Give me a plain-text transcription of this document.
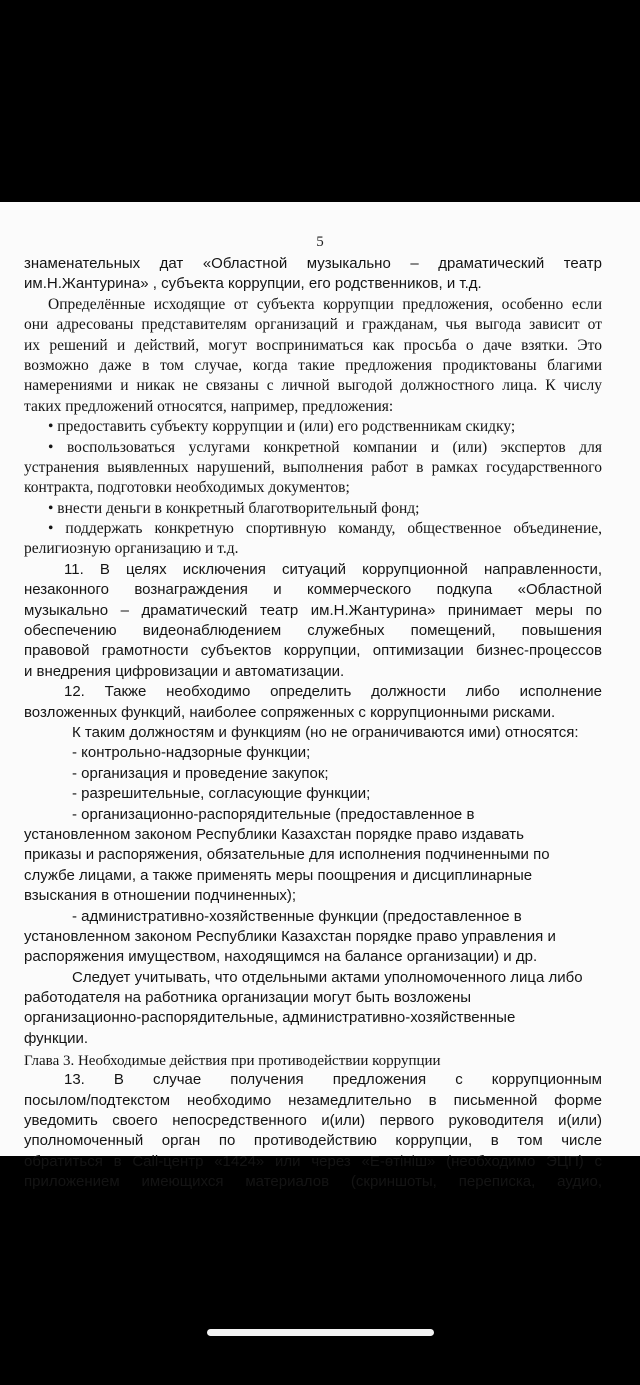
5
знаменательных дат «Областной музыкально – драматический театр
им.Н.Жантурина» , субъекта коррупции, его родственников, и т.д.
Определённые исходящие от субъекта коррупции предложения, особенно если
они адресованы представителям организаций и гражданам, чья выгода зависит от
их решений и действий, могут восприниматься как просьба о даче взятки. Это
возможно даже в том случае, когда такие предложения продиктованы благими
намерениями и никак не связаны с личной выгодой должностного лица. К числу
таких предложений относятся, например, предложения:
• предоставить субъекту коррупции и (или) его родственникам скидку;
• воспользоваться услугами конкретной компании и (или) экспертов для
устранения выявленных нарушений, выполнения работ в рамках государственного
контракта, подготовки необходимых документов;
• внести деньги в конкретный благотворительный фонд;
• поддержать конкретную спортивную команду, общественное объединение,
религиозную организацию и т.д.
11. В целях исключения ситуаций коррупционной направленности,
незаконного вознаграждения и коммерческого подкупа «Областной
музыкально – драматический театр им.Н.Жантурина» принимает меры по
обеспечению видеонаблюдением служебных помещений, повышения
правовой грамотности субъектов коррупции, оптимизации бизнес-процессов
и внедрения цифровизации и автоматизации.
12. Также необходимо определить должности либо исполнение
возложенных функций, наиболее сопряженных с коррупционными рисками.
К таким должностям и функциям (но не ограничиваются ими) относятся:
- контрольно-надзорные функции;
- организация и проведение закупок;
- разрешительные, согласующие функции;
- организационно-распорядительные (предоставленное в
установленном законом Республики Казахстан порядке право издавать
приказы и распоряжения, обязательные для исполнения подчиненными по
службе лицами, а также применять меры поощрения и дисциплинарные
взыскания в отношении подчиненных);
- административно-хозяйственные функции (предоставленное в
установленном законом Республики Казахстан порядке право управления и
распоряжения имуществом, находящимся на балансе организации) и др.
Следует учитывать, что отдельными актами уполномоченного лица либо
работодателя на работника организации могут быть возложены
организационно-распорядительные, административно-хозяйственные
функции.
Глава 3. Необходимые действия при противодействии коррупции
13. В случае получения предложения с коррупционным
посылом/подтекстом необходимо незамедлительно в письменной форме
уведомить своего непосредственного и(или) первого руководителя и(или)
уполномоченный орган по противодействию коррупции, в том числе
обратиться в Call-центр «1424» или через «Е-өтініш» (необходимо ЭЦП) с
приложением имеющихся материалов (скриншоты, переписка, аудио,
